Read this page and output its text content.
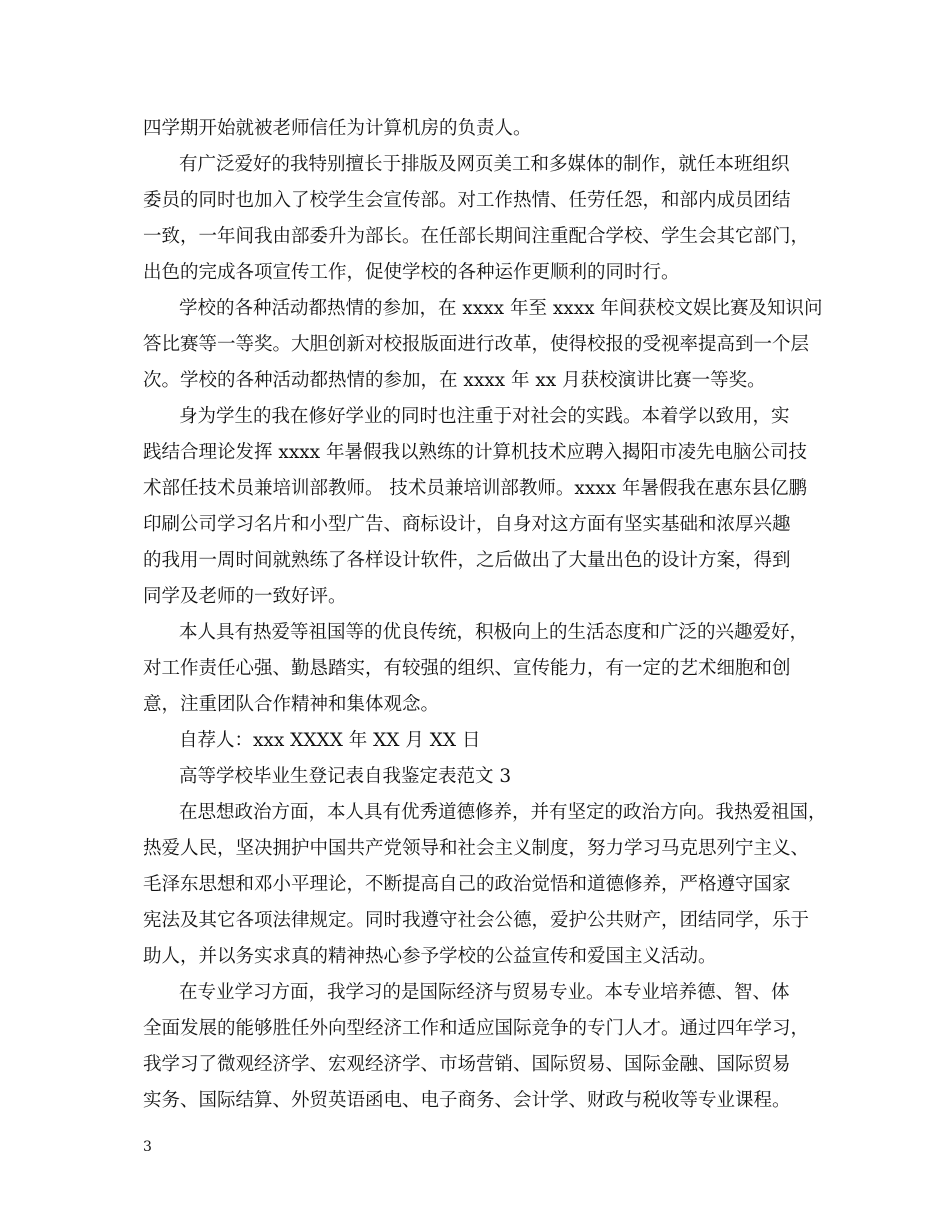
四学期开始就被老师信任为计算机房的负责人。
有广泛爱好的我特别擅长于排版及网页美工和多媒体的制作，就任本班组织
委员的同时也加入了校学生会宣传部。对工作热情、任劳任怨，和部内成员团结
一致，一年间我由部委升为部长。在任部长期间注重配合学校、学生会其它部门，
出色的完成各项宣传工作，促使学校的各种运作更顺利的同时行。
学校的各种活动都热情的参加，在 xxxx 年至 xxxx 年间获校文娱比赛及知识问
答比赛等一等奖。大胆创新对校报版面进行改革，使得校报的受视率提高到一个层
次。学校的各种活动都热情的参加，在 xxxx 年 xx 月获校演讲比赛一等奖。
身为学生的我在修好学业的同时也注重于对社会的实践。本着学以致用，实
践结合理论发挥 xxxx 年暑假我以熟练的计算机技术应聘入揭阳市凌先电脑公司技
术部任技术员兼培训部教师。 技术员兼培训部教师。xxxx 年暑假我在惠东县亿鹏
印刷公司学习名片和小型广告、商标设计，自身对这方面有坚实基础和浓厚兴趣
的我用一周时间就熟练了各样设计软件，之后做出了大量出色的设计方案，得到
同学及老师的一致好评。
本人具有热爱等祖国等的优良传统，积极向上的生活态度和广泛的兴趣爱好，
对工作责任心强、勤恳踏实，有较强的组织、宣传能力，有一定的艺术细胞和创
意，注重团队合作精神和集体观念。
自荐人：xxx XXXX 年 XX 月 XX 日
高等学校毕业生登记表自我鉴定表范文 3
在思想政治方面，本人具有优秀道德修养，并有坚定的政治方向。我热爱祖国，
热爱人民，坚决拥护中国共产党领导和社会主义制度，努力学习马克思列宁主义、
毛泽东思想和邓小平理论，不断提高自己的政治觉悟和道德修养，严格遵守国家
宪法及其它各项法律规定。同时我遵守社会公德，爱护公共财产，团结同学，乐于
助人，并以务实求真的精神热心参予学校的公益宣传和爱国主义活动。
在专业学习方面，我学习的是国际经济与贸易专业。本专业培养德、智、体
全面发展的能够胜任外向型经济工作和适应国际竞争的专门人才。通过四年学习，
我学习了微观经济学、宏观经济学、市场营销、国际贸易、国际金融、国际贸易
实务、国际结算、外贸英语函电、电子商务、会计学、财政与税收等专业课程。
3
